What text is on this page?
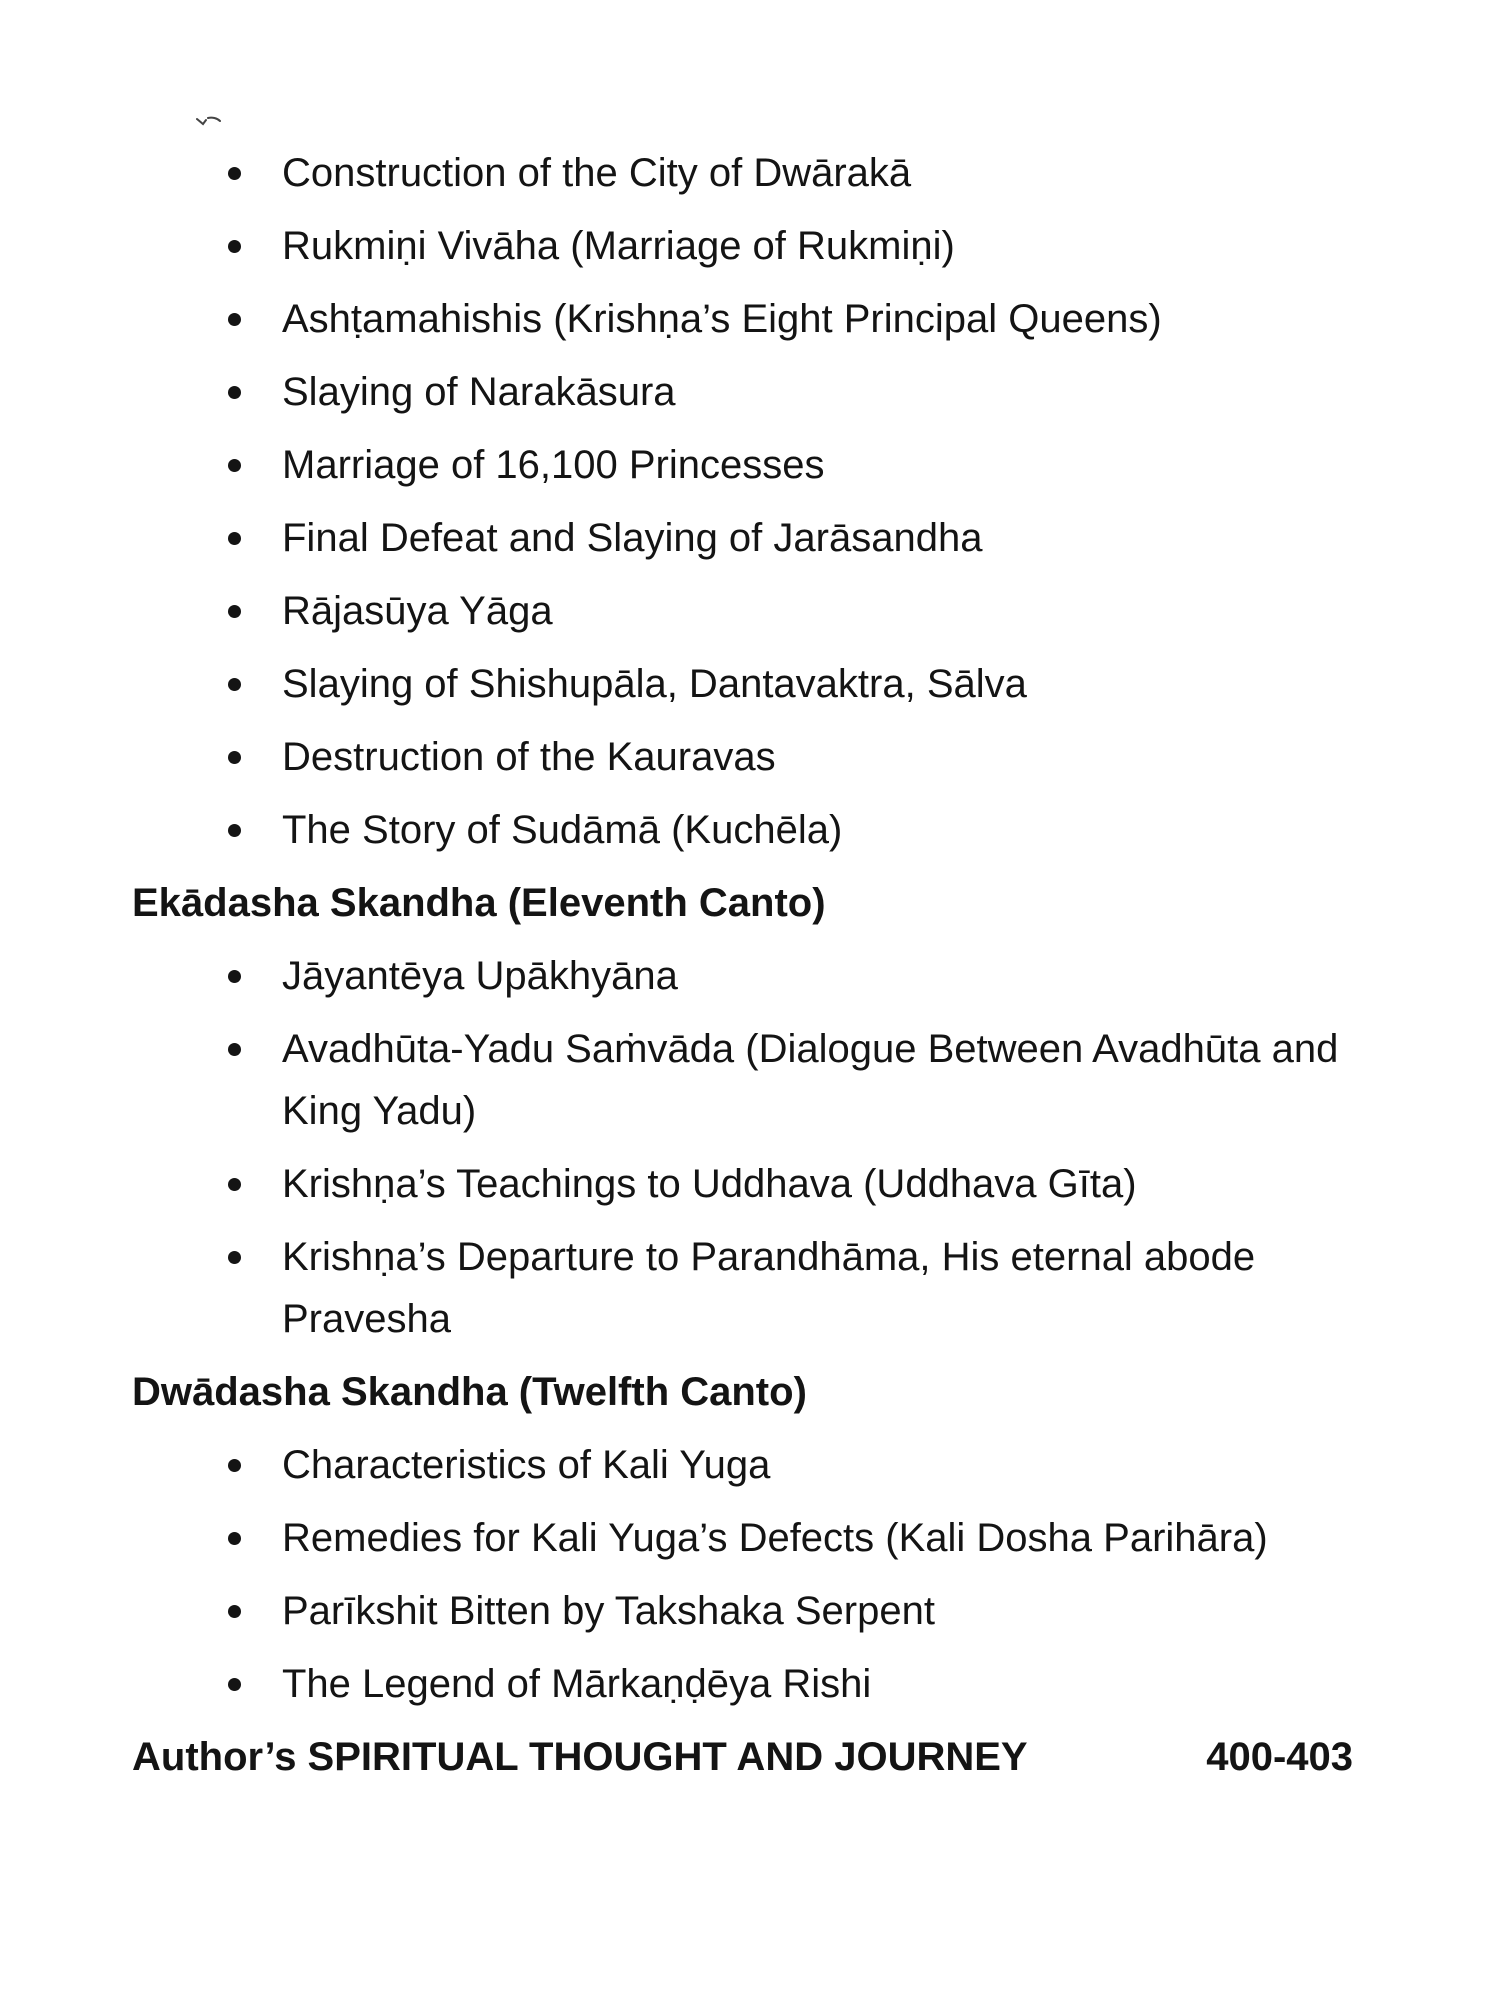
Construction of the City of Dwārakā
Rukmiṇi Vivāha (Marriage of Rukmiṇi)
Ashṭamahishis (Krishṇa’s Eight Principal Queens)
Slaying of Narakāsura
Marriage of 16,100 Princesses
Final Defeat and Slaying of Jarāsandha
Rājasūya Yāga
Slaying of Shishupāla, Dantavaktra, Sālva
Destruction of the Kauravas
The Story of Sudāmā (Kuchēla)
Ekādasha Skandha (Eleventh Canto)
Jāyantēya Upākhyāna
Avadhūta-Yadu Saṁvāda (Dialogue Between Avadhūta and King Yadu)
Krishṇa’s Teachings to Uddhava (Uddhava Gīta)
Krishṇa’s Departure to Parandhāma, His eternal abode Pravesha
Dwādasha Skandha (Twelfth Canto)
Characteristics of Kali Yuga
Remedies for Kali Yuga’s Defects (Kali Dosha Parihāra)
Parīkshit Bitten by Takshaka Serpent
The Legend of Mārkaṇḍēya Rishi
Author’s SPIRITUAL THOUGHT AND JOURNEY	400-403
